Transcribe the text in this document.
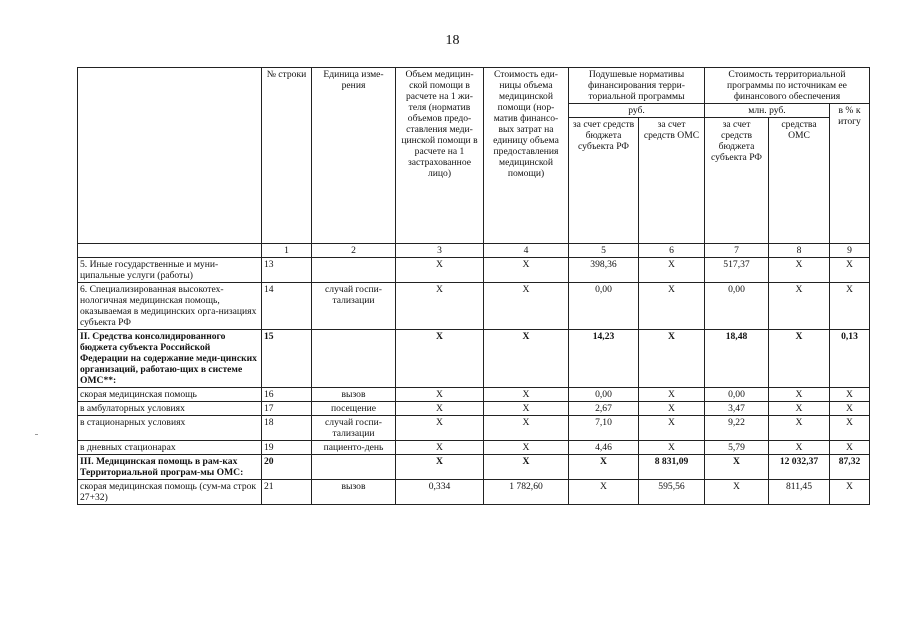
18
	№ строки	Единица изме-рения	Объем медицин-ской помощи в расчете на 1 жи-теля (норматив объемов предо-ставления меди-цинской помощи в расчете на 1 застрахованное лицо)	Стоимость еди-ницы объема медицинской помощи (нор-матив финансо-вых затрат на единицу объема предоставления медицинской помощи)	Подушевые нормативы финансирования терри-ториальной программы		Стоимость территориальной программы по источникам ее финансового обеспечения		
					руб.		млн. руб.		в % к итогу
					за счет средств бюджета субъекта РФ	за счет средств ОМС	за счет средств бюджета субъекта РФ	средства ОМС	
	1	2	3	4	5	6	7	8	9
5. Иные государственные и муни-ципальные услуги (работы)	13		Х	Х	398,36	Х	517,37	Х	Х
6. Специализированная высокотех-нологичная медицинская помощь, оказываемая в медицинских орга-низациях субъекта РФ	14	случай госпи-тализации	Х	Х	0,00	Х	0,00	Х	Х
II. Средства консолидированного бюджета субъекта Российской Федерации на содержание меди-цинских организаций, работаю-щих в системе ОМС**:	15		Х	Х	14,23	Х	18,48	Х	0,13
скорая медицинская помощь	16	вызов	Х	Х	0,00	Х	0,00	Х	Х
в амбулаторных условиях	17	посещение	Х	Х	2,67	Х	3,47	Х	Х
в стационарных условиях	18	случай госпи-тализации	Х	Х	7,10	Х	9,22	Х	Х
в дневных стационарах	19	пациенто-день	Х	Х	4,46	Х	5,79	Х	Х
III. Медицинская помощь в рам-ках Территориальной програм-мы ОМС:	20		Х	Х	Х	8 831,09	Х	12 032,37	87,32
скорая медицинская помощь (сум-ма строк 27+32)	21	вызов	0,334	1 782,60	Х	595,56	Х	811,45	Х
